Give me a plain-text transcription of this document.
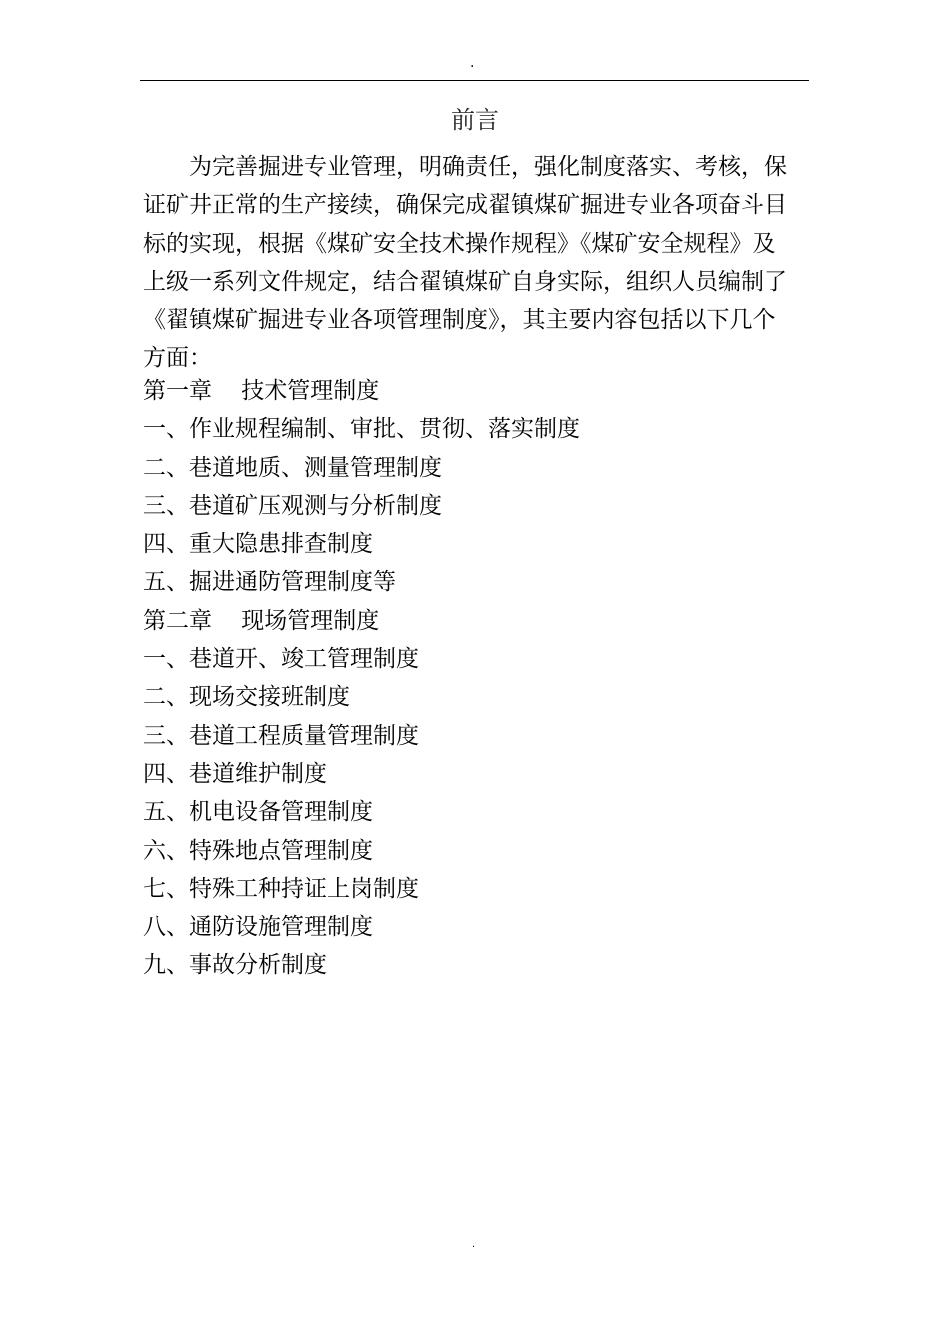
.
前言

为完善掘进专业管理，明确责任，强化制度落实、考核，保
证矿井正常的生产接续，确保完成翟镇煤矿掘进专业各项奋斗目
标的实现，根据《煤矿安全技术操作规程》《煤矿安全规程》及
上级一系列文件规定，结合翟镇煤矿自身实际，组织人员编制了
《翟镇煤矿掘进专业各项管理制度》，其主要内容包括以下几个
方面：

第一章    技术管理制度
一、作业规程编制、审批、贯彻、落实制度
二、巷道地质、测量管理制度
三、巷道矿压观测与分析制度
四、重大隐患排查制度
五、掘进通防管理制度等
第二章    现场管理制度
一、巷道开、竣工管理制度
二、现场交接班制度
三、巷道工程质量管理制度
四、巷道维护制度
五、机电设备管理制度
六、特殊地点管理制度
七、特殊工种持证上岗制度
八、通防设施管理制度
九、事故分析制度
.
